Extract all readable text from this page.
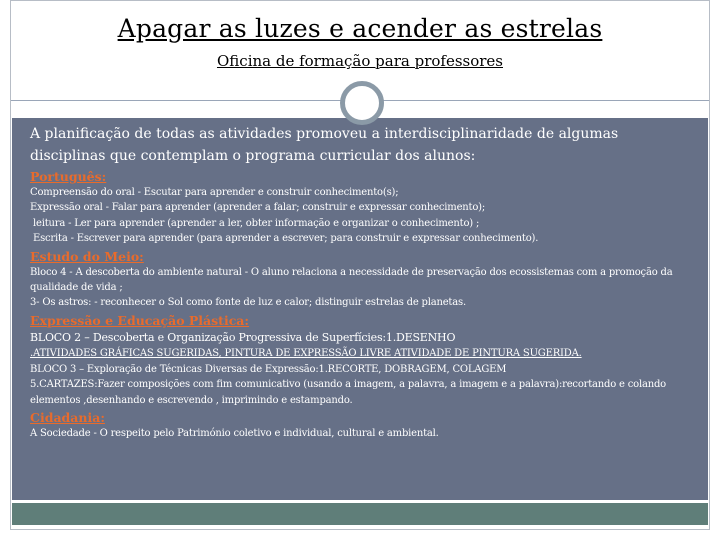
Apagar as luzes e acender as estrelas
Oficina de formação para professores

A planificação de todas as atividades promoveu a interdisciplinaridade de algumas disciplinas que contemplam o programa curricular dos alunos:

Português:

Compreensão do oral - Escutar para aprender e construir conhecimento(s);

Expressão oral - Falar para aprender (aprender a falar; construir e expressar conhecimento);

leitura - Ler para aprender (aprender a ler, obter informação e organizar o conhecimento) ;

Escrita - Escrever para aprender (para aprender a escrever; para construir e expressar conhecimento).

Estudo do Meio:

Bloco 4 - A descoberta do ambiente natural - O aluno relaciona a necessidade de preservação dos ecossistemas com a promoção da qualidade de vida ;

3- Os astros: - reconhecer o Sol como fonte de luz e calor; distinguir estrelas de planetas.

Expressão e Educação Plástica:

BLOCO 2 – Descoberta e Organização Progressiva de Superfícies:1.DESENHO

.ATIVIDADES GRÁFICAS SUGERIDAS, PINTURA DE EXPRESSÃO LIVRE ATIVIDADE DE PINTURA SUGERIDA.

BLOCO 3 – Exploração de Técnicas Diversas de Expressão:1.RECORTE, DOBRAGEM, COLAGEM

5.CARTAZES:Fazer composições com fim comunicativo (usando a imagem, a palavra, a imagem e a palavra):recortando e colando elementos ,desenhando e escrevendo , imprimindo e estampando.

Cidadania:

A Sociedade - O respeito pelo Património coletivo e individual, cultural e ambiental.
